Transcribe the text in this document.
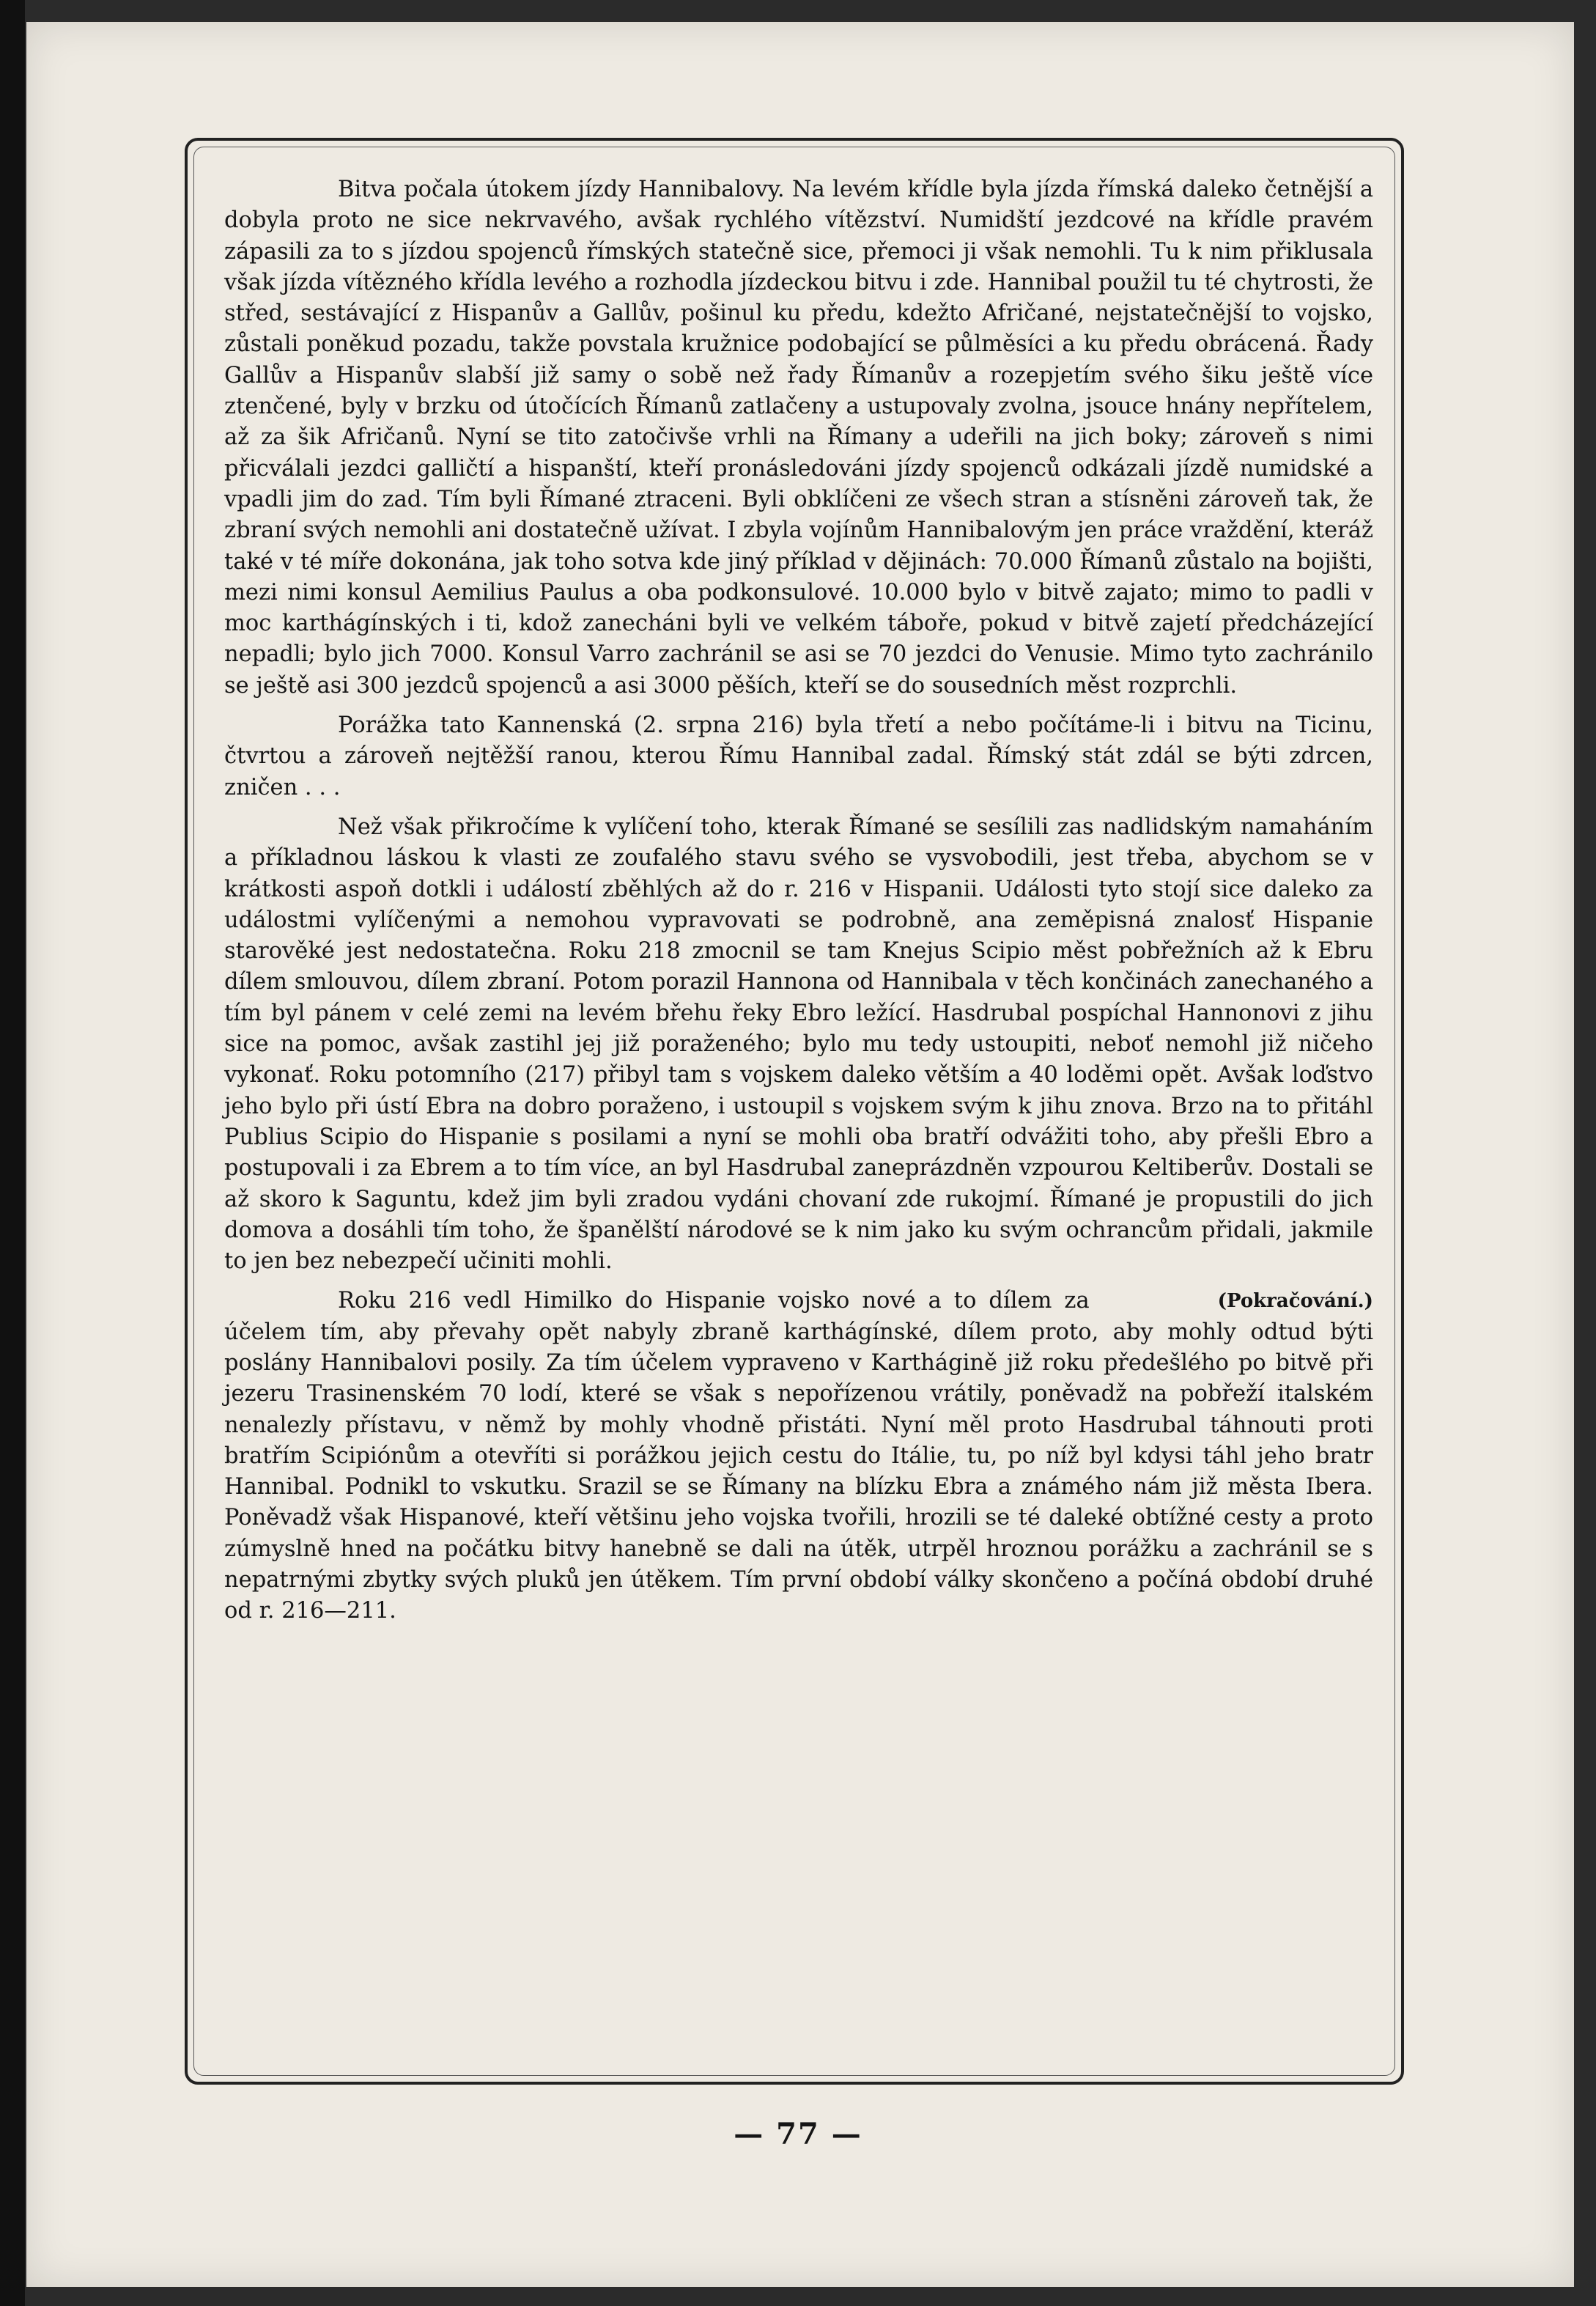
Bitva počala útokem jízdy Hannibalovy. Na levém křídle byla jízda římská daleko četnější a dobyla proto ne sice nekrvavého, avšak rychlého vítězství. Numidští jezdcové na křídle pravém zápasili za to s jízdou spojenců římských statečně sice, přemoci ji však nemohli. Tu k nim přiklusala však jízda vítězného křídla levého a rozhodla jízdeckou bitvu i zde. Hannibal použil tu té chytrosti, že střed, sestávající z Hispanův a Gallův, pošinul ku předu, kdežto Afričané, nejstatečnější to vojsko, zůstali poněkud pozadu, takže povstala kružnice podobající se půlměsíci a ku předu obrácená. Řady Gallův a Hispanův slabší již samy o sobě než řady Římanův a rozepjetím svého šiku ještě více ztenčené, byly v brzku od útočících Římanů zatlačeny a ustupovaly zvolna, jsouce hnány nepřítelem, až za šik Afričanů. Nyní se tito zatočivše vrhli na Římany a udeřili na jich boky; zároveň s nimi přicválali jezdci galličtí a hispanští, kteří pronásledováni jízdy spojenců odkázali jízdě numidské a vpadli jim do zad. Tím byli Římané ztraceni. Byli obklíčeni ze všech stran a stísněni zároveň tak, že zbraní svých nemohli ani dostatečně užívat. I zbyla vojínům Hannibalovým jen práce vraždění, kteráž také v té míře dokonána, jak toho sotva kde jiný příklad v dějinách: 70.000 Římanů zůstalo na bojišti, mezi nimi konsul Aemilius Paulus a oba podkonsulové. 10.000 bylo v bitvě zajato; mimo to padli v moc karthágínských i ti, kdož zanecháni byli ve velkém táboře, pokud v bitvě zajetí předcházející nepadli; bylo jich 7000. Konsul Varro zachránil se asi se 70 jezdci do Venusie. Mimo tyto zachránilo se ještě asi 300 jezdců spojenců a asi 3000 pěších, kteří se do sousedních měst rozprchli.

Porážka tato Kannenská (2. srpna 216) byla třetí a nebo počítáme-li i bitvu na Ticinu, čtvrtou a zároveň nejtěžší ranou, kterou Římu Hannibal zadal. Římský stát zdál se býti zdrcen, zničen . . .

Než však přikročíme k vylíčení toho, kterak Římané se sesílili zas nadlidským namaháním a příkladnou láskou k vlasti ze zoufalého stavu svého se vysvobodili, jest třeba, abychom se v krátkosti aspoň dotkli i událostí zběhlých až do r. 216 v Hispanii. Události tyto stojí sice daleko za událostmi vylíčenými a nemohou vypravovati se podrobně, ana zeměpisná znalosť Hispanie starověké jest nedostatečna. Roku 218 zmocnil se tam Knejus Scipio měst pobřežních až k Ebru dílem smlouvou, dílem zbraní. Potom porazil Hannona od Hannibala v těch končinách zanechaného a tím byl pánem v celé zemi na levém břehu řeky Ebro ležící. Hasdrubal pospíchal Hannonovi z jihu sice na pomoc, avšak zastihl jej již poraženého; bylo mu tedy ustoupiti, neboť nemohl již ničeho vykonať. Roku potomního (217) přibyl tam s vojskem daleko větším a 40 loděmi opět. Avšak loďstvo jeho bylo při ústí Ebra na dobro poraženo, i ustoupil s vojskem svým k jihu znova. Brzo na to přitáhl Publius Scipio do Hispanie s posilami a nyní se mohli oba bratří odvážiti toho, aby přešli Ebro a postupovali i za Ebrem a to tím více, an byl Hasdrubal zaneprázdněn vzpourou Keltiberův. Dostali se až skoro k Saguntu, kdež jim byli zradou vydáni chovaní zde rukojmí. Římané je propustili do jich domova a dosáhli tím toho, že španělští národové se k nim jako ku svým ochrancům přidali, jakmile to jen bez nebezpečí učiniti mohli.

(Pokračování.)
Roku 216 vedl Himilko do Hispanie vojsko nové a to dílem za účelem tím, aby převahy opět nabyly zbraně karthágínské, dílem proto, aby mohly odtud býti poslány Hannibalovi posily. Za tím účelem vypraveno v Karthágině již roku předešlého po bitvě při jezeru Trasinenském 70 lodí, které se však s nepořízenou vrátily, poněvadž na pobřeží italském nenalezly přístavu, v němž by mohly vhodně přistáti. Nyní měl proto Hasdrubal táhnouti proti bratřím Scipiónům a otevříti si porážkou jejich cestu do Itálie, tu, po níž byl kdysi táhl jeho bratr Hannibal. Podnikl to vskutku. Srazil se se Římany na blízku Ebra a známého nám již města Ibera. Poněvadž však Hispanové, kteří většinu jeho vojska tvořili, hrozili se té daleké obtížné cesty a proto zúmyslně hned na počátku bitvy hanebně se dali na útěk, utrpěl hroznou porážku a zachránil se s nepatrnými zbytky svých pluků jen útěkem. Tím první období války skončeno a počíná období druhé od r. 216—211.

— 77 —
